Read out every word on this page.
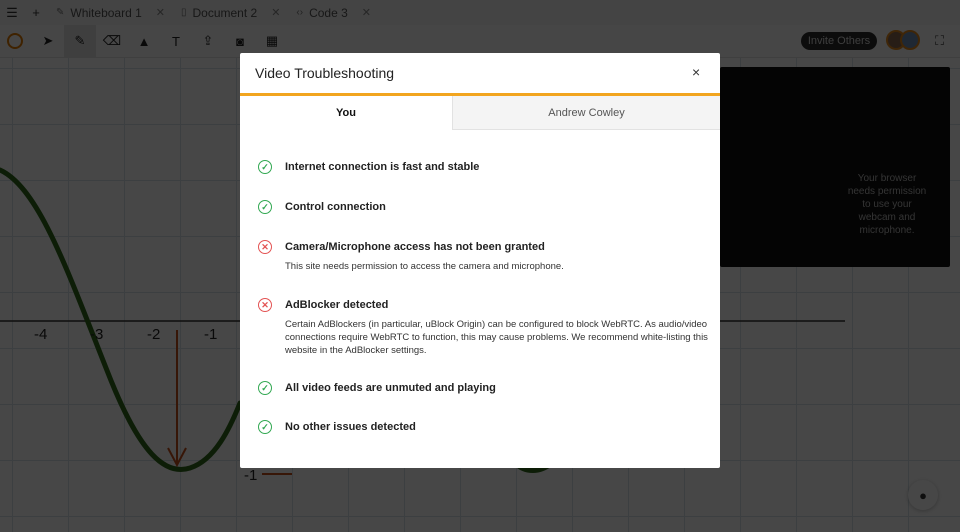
Video Troubleshooting	×
You	Andrew Cowley
✓ Internet connection is fast and stable
✓ Control connection
✕ Camera/Microphone access has not been granted
This site needs permission to access the camera and microphone.
✕ AdBlocker detected
Certain AdBlockers (in particular, uBlock Origin) can be configured to block WebRTC. As audio/video connections require WebRTC to function, this may cause problems. We recommend white-listing this website in the AdBlocker settings.
✓ All video feeds are unmuted and playing
✓ No other issues detected
